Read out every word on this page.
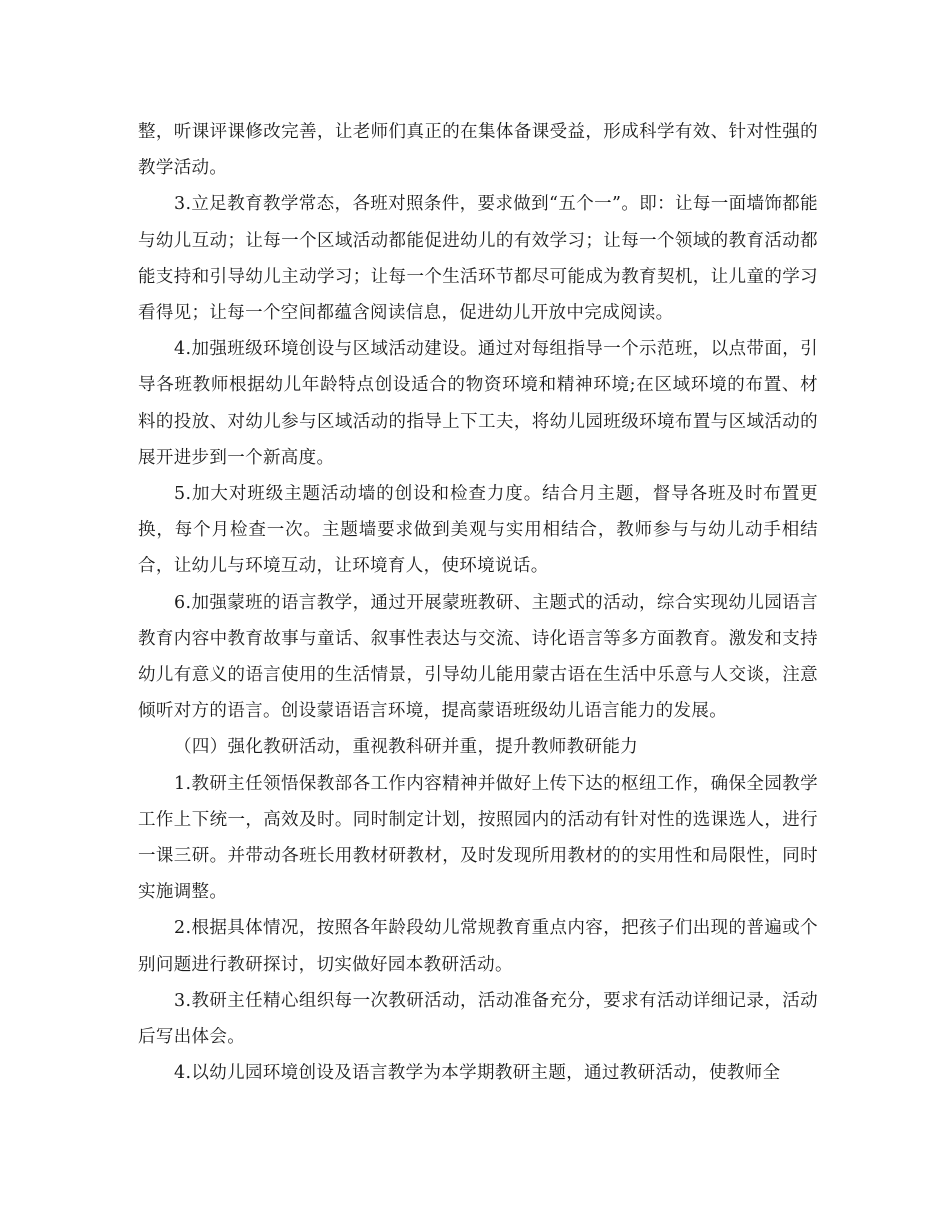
整，听课评课修改完善，让老师们真正的在集体备课受益，形成科学有效、针对性强的教学活动。

3.立足教育教学常态，各班对照条件，要求做到“五个一”。即：让每一面墙饰都能与幼儿互动；让每一个区域活动都能促进幼儿的有效学习；让每一个领域的教育活动都能支持和引导幼儿主动学习；让每一个生活环节都尽可能成为教育契机，让儿童的学习看得见；让每一个空间都蕴含阅读信息，促进幼儿开放中完成阅读。

4.加强班级环境创设与区域活动建设。通过对每组指导一个示范班，以点带面，引导各班教师根据幼儿年龄特点创设适合的物资环境和精神环境;在区域环境的布置、材料的投放、对幼儿参与区域活动的指导上下工夫，将幼儿园班级环境布置与区域活动的展开进步到一个新高度。

5.加大对班级主题活动墙的创设和检查力度。结合月主题，督导各班及时布置更换，每个月检查一次。主题墙要求做到美观与实用相结合，教师参与与幼儿动手相结合，让幼儿与环境互动，让环境育人，使环境说话。

6.加强蒙班的语言教学，通过开展蒙班教研、主题式的活动，综合实现幼儿园语言教育内容中教育故事与童话、叙事性表达与交流、诗化语言等多方面教育。激发和支持幼儿有意义的语言使用的生活情景，引导幼儿能用蒙古语在生活中乐意与人交谈，注意倾听对方的语言。创设蒙语语言环境，提高蒙语班级幼儿语言能力的发展。

（四）强化教研活动，重视教科研并重，提升教师教研能力

1.教研主任领悟保教部各工作内容精神并做好上传下达的枢纽工作，确保全园教学工作上下统一，高效及时。同时制定计划，按照园内的活动有针对性的选课选人，进行一课三研。并带动各班长用教材研教材，及时发现所用教材的的实用性和局限性，同时实施调整。

2.根据具体情况，按照各年龄段幼儿常规教育重点内容，把孩子们出现的普遍或个别问题进行教研探讨，切实做好园本教研活动。

3.教研主任精心组织每一次教研活动，活动准备充分，要求有活动详细记录，活动后写出体会。

4.以幼儿园环境创设及语言教学为本学期教研主题，通过教研活动，使教师全
